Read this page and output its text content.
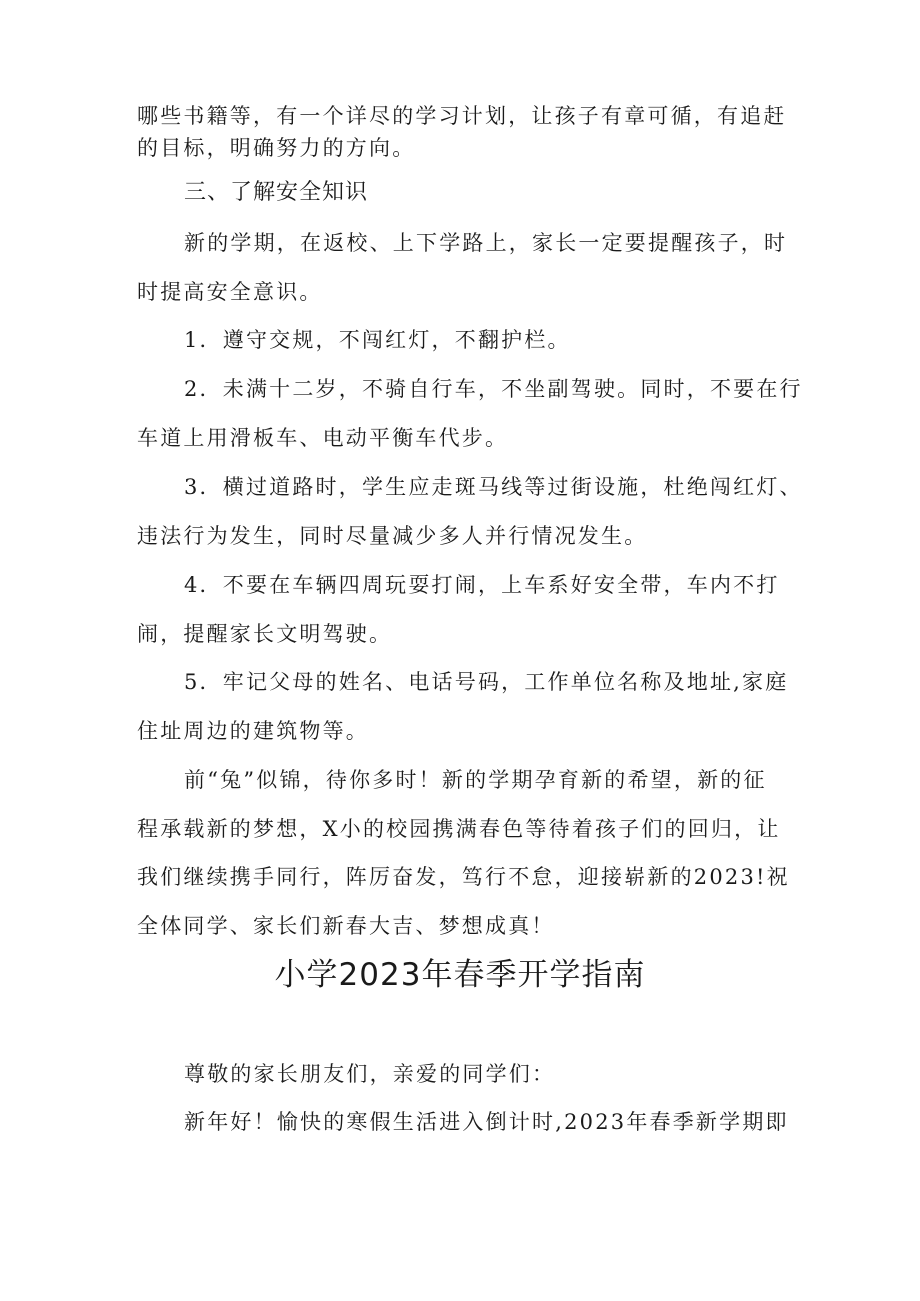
哪些书籍等，有一个详尽的学习计划，让孩子有章可循，有追赶
的目标，明确努力的方向。
三、了解安全知识
新的学期，在返校、上下学路上，家长一定要提醒孩子，时
时提高安全意识。
1．遵守交规，不闯红灯，不翻护栏。
2．未满十二岁，不骑自行车，不坐副驾驶。同时，不要在行
车道上用滑板车、电动平衡车代步。
3．横过道路时，学生应走斑马线等过街设施，杜绝闯红灯、
违法行为发生，同时尽量减少多人并行情况发生。
4．不要在车辆四周玩耍打闹，上车系好安全带，车内不打
闹，提醒家长文明驾驶。
5．牢记父母的姓名、电话号码，工作单位名称及地址,家庭
住址周边的建筑物等。
前“兔”似锦，待你多时！新的学期孕育新的希望，新的征
程承载新的梦想，X小的校园携满春色等待着孩子们的回归，让
我们继续携手同行，阵厉奋发，笃行不怠，迎接崭新的2023!祝
全体同学、家长们新春大吉、梦想成真！
小学2023年春季开学指南
尊敬的家长朋友们，亲爱的同学们：
新年好！愉快的寒假生活进入倒计时,2023年春季新学期即
